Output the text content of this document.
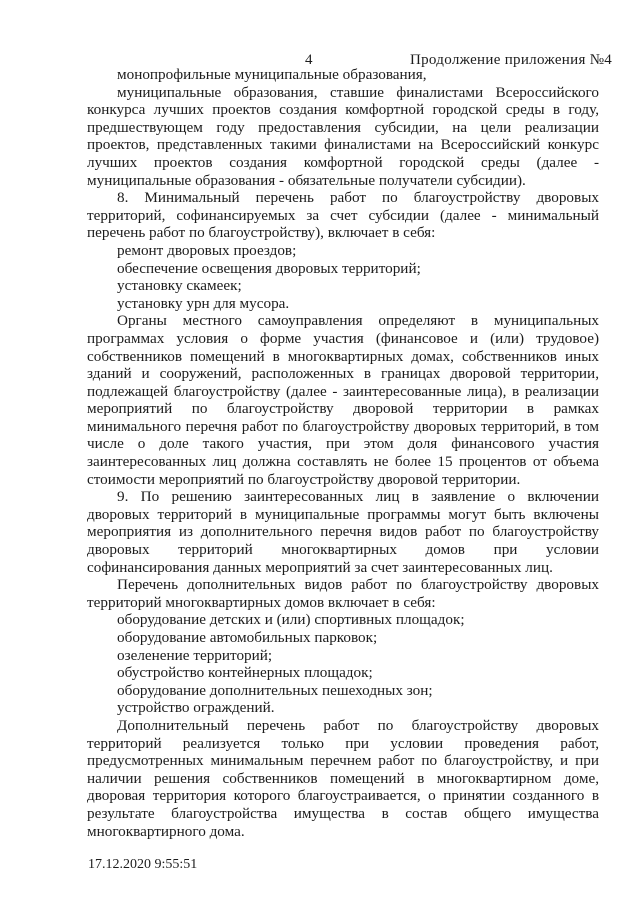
4	Продолжение приложения №4
монопрофильные муниципальные образования,
муниципальные образования, ставшие финалистами Всероссийского
конкурса лучших проектов создания комфортной городской среды в году,
предшествующем году предоставления субсидии, на цели реализации
проектов, представленных такими финалистами на Всероссийский конкурс
лучших проектов создания комфортной городской среды (далее -
муниципальные образования - обязательные получатели субсидии).
8. Минимальный перечень работ по благоустройству дворовых
территорий, софинансируемых за счет субсидии (далее - минимальный
перечень работ по благоустройству), включает в себя:
ремонт дворовых проездов;
обеспечение освещения дворовых территорий;
установку скамеек;
установку урн для мусора.
Органы местного самоуправления определяют в муниципальных
программах условия о форме участия (финансовое и (или) трудовое)
собственников помещений в многоквартирных домах, собственников иных
зданий и сооружений, расположенных в границах дворовой территории,
подлежащей благоустройству (далее - заинтересованные лица), в реализации
мероприятий по благоустройству дворовой территории в рамках
минимального перечня работ по благоустройству дворовых территорий, в том
числе о доле такого участия, при этом доля финансового участия
заинтересованных лиц должна составлять не более 15 процентов от объема
стоимости мероприятий по благоустройству дворовой территории.
9. По решению заинтересованных лиц в заявление о включении
дворовых территорий в муниципальные программы могут быть включены
мероприятия из дополнительного перечня видов работ по благоустройству
дворовых территорий многоквартирных домов при условии
софинансирования данных мероприятий за счет заинтересованных лиц.
Перечень дополнительных видов работ по благоустройству дворовых
территорий многоквартирных домов включает в себя:
оборудование детских и (или) спортивных площадок;
оборудование автомобильных парковок;
озеленение территорий;
обустройство контейнерных площадок;
оборудование дополнительных пешеходных зон;
устройство ограждений.
Дополнительный перечень работ по благоустройству дворовых
территорий реализуется только при условии проведения работ,
предусмотренных минимальным перечнем работ по благоустройству, и при
наличии решения собственников помещений в многоквартирном доме,
дворовая территория которого благоустраивается, о принятии созданного в
результате благоустройства имущества в состав общего имущества
многоквартирного дома.
17.12.2020 9:55:51
